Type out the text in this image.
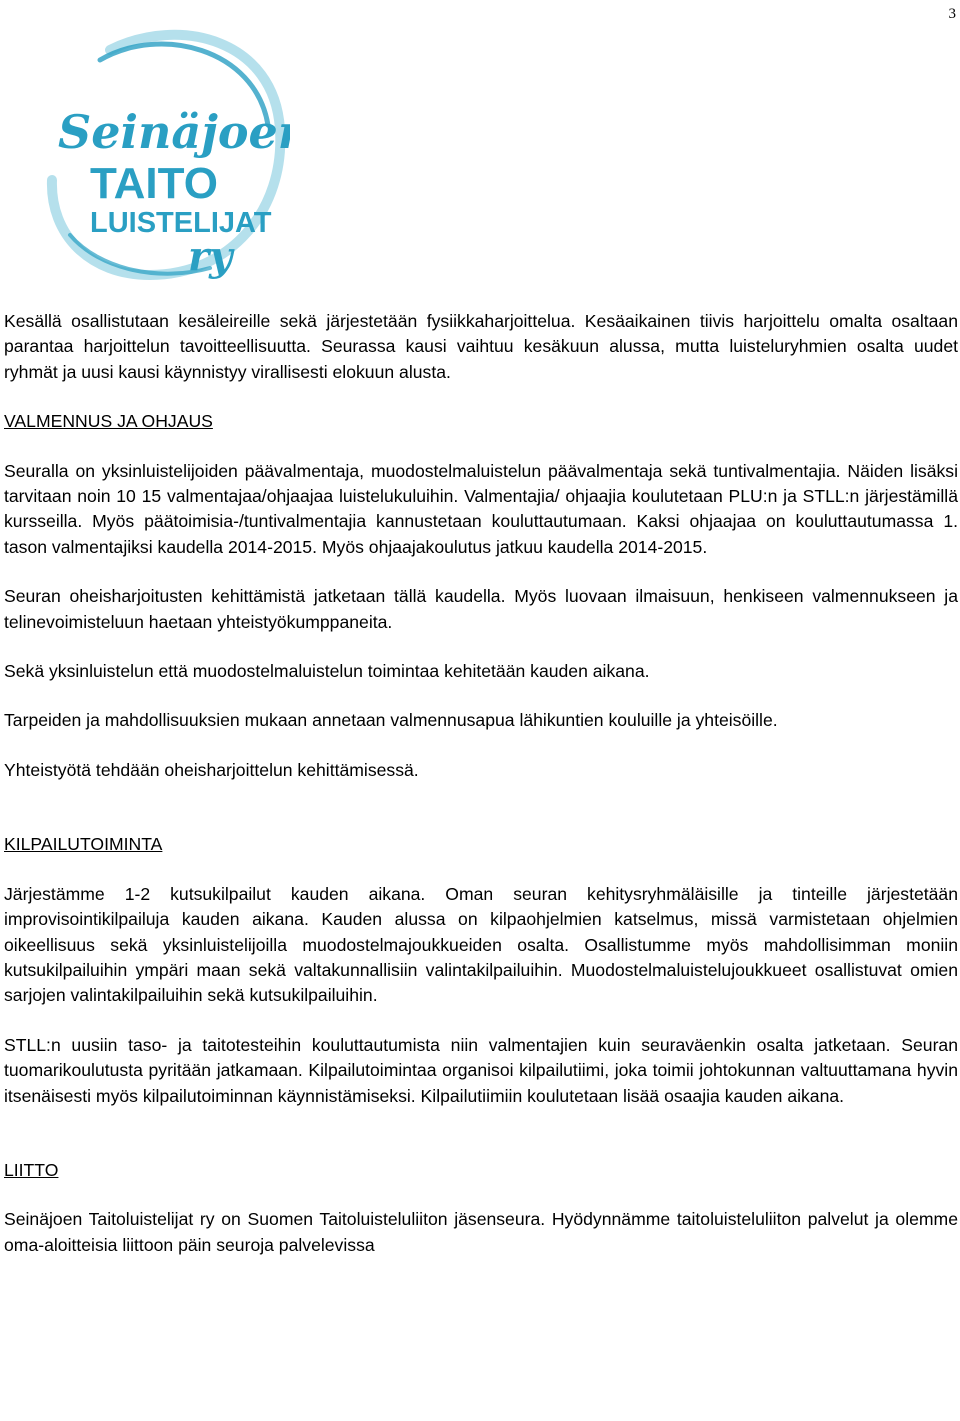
3
Seinäjoen
TAITO
LUISTELIJAT
ry

Kesällä osallistutaan kesäleireille sekä järjestetään fysiikkaharjoittelua. Kesäaikainen tiivis harjoittelu omalta osaltaan parantaa harjoittelun tavoitteellisuutta. Seurassa kausi vaihtuu kesäkuun alussa, mutta luisteluryhmien osalta uudet ryhmät ja uusi kausi käynnistyy virallisesti elokuun alusta.

VALMENNUS JA OHJAUS

Seuralla on yksinluistelijoiden päävalmentaja, muodostelmaluistelun päävalmentaja sekä tuntivalmentajia. Näiden lisäksi tarvitaan noin 10 15 valmentajaa/ohjaajaa luistelukuluihin. Valmentajia/ ohjaajia koulutetaan PLU:n ja STLL:n järjestämillä kursseilla. Myös päätoimisia-/tuntivalmentajia kannustetaan kouluttautumaan. Kaksi ohjaajaa on kouluttautumassa 1. tason valmentajiksi kaudella 2014-2015. Myös ohjaajakoulutus jatkuu kaudella 2014-2015.

Seuran oheisharjoitusten kehittämistä jatketaan tällä kaudella. Myös luovaan ilmaisuun, henkiseen valmennukseen ja telinevoimisteluun haetaan yhteistyökumppaneita.

Sekä yksinluistelun että muodostelmaluistelun toimintaa kehitetään kauden aikana.

Tarpeiden ja mahdollisuuksien mukaan annetaan valmennusapua lähikuntien kouluille ja yhteisöille.

Yhteistyötä tehdään oheisharjoittelun kehittämisessä.

KILPAILUTOIMINTA

Järjestämme 1-2 kutsukilpailut kauden aikana. Oman seuran kehitysryhmäläisille ja tinteille järjestetään improvisointikilpailuja kauden aikana. Kauden alussa on kilpaohjelmien katselmus, missä varmistetaan ohjelmien oikeellisuus sekä yksinluistelijoilla muodostelmajoukkueiden osalta. Osallistumme myös mahdollisimman moniin kutsukilpailuihin ympäri maan sekä valtakunnallisiin valintakilpailuihin. Muodostelmaluistelujoukkueet osallistuvat omien sarjojen valintakilpailuihin sekä kutsukilpailuihin.

STLL:n uusiin taso- ja taitotesteihin kouluttautumista niin valmentajien kuin seuraväenkin osalta jatketaan. Seuran tuomarikoulutusta pyritään jatkamaan. Kilpailutoimintaa organisoi kilpailutiimi, joka toimii johtokunnan valtuuttamana hyvin itsenäisesti myös kilpailutoiminnan käynnistämiseksi. Kilpailutiimiin koulutetaan lisää osaajia kauden aikana.

LIITTO

Seinäjoen Taitoluistelijat ry on Suomen Taitoluisteluliiton jäsenseura. Hyödynnämme taitoluisteluliiton palvelut ja olemme oma-aloitteisia liittoon päin seuroja palvelevissa
